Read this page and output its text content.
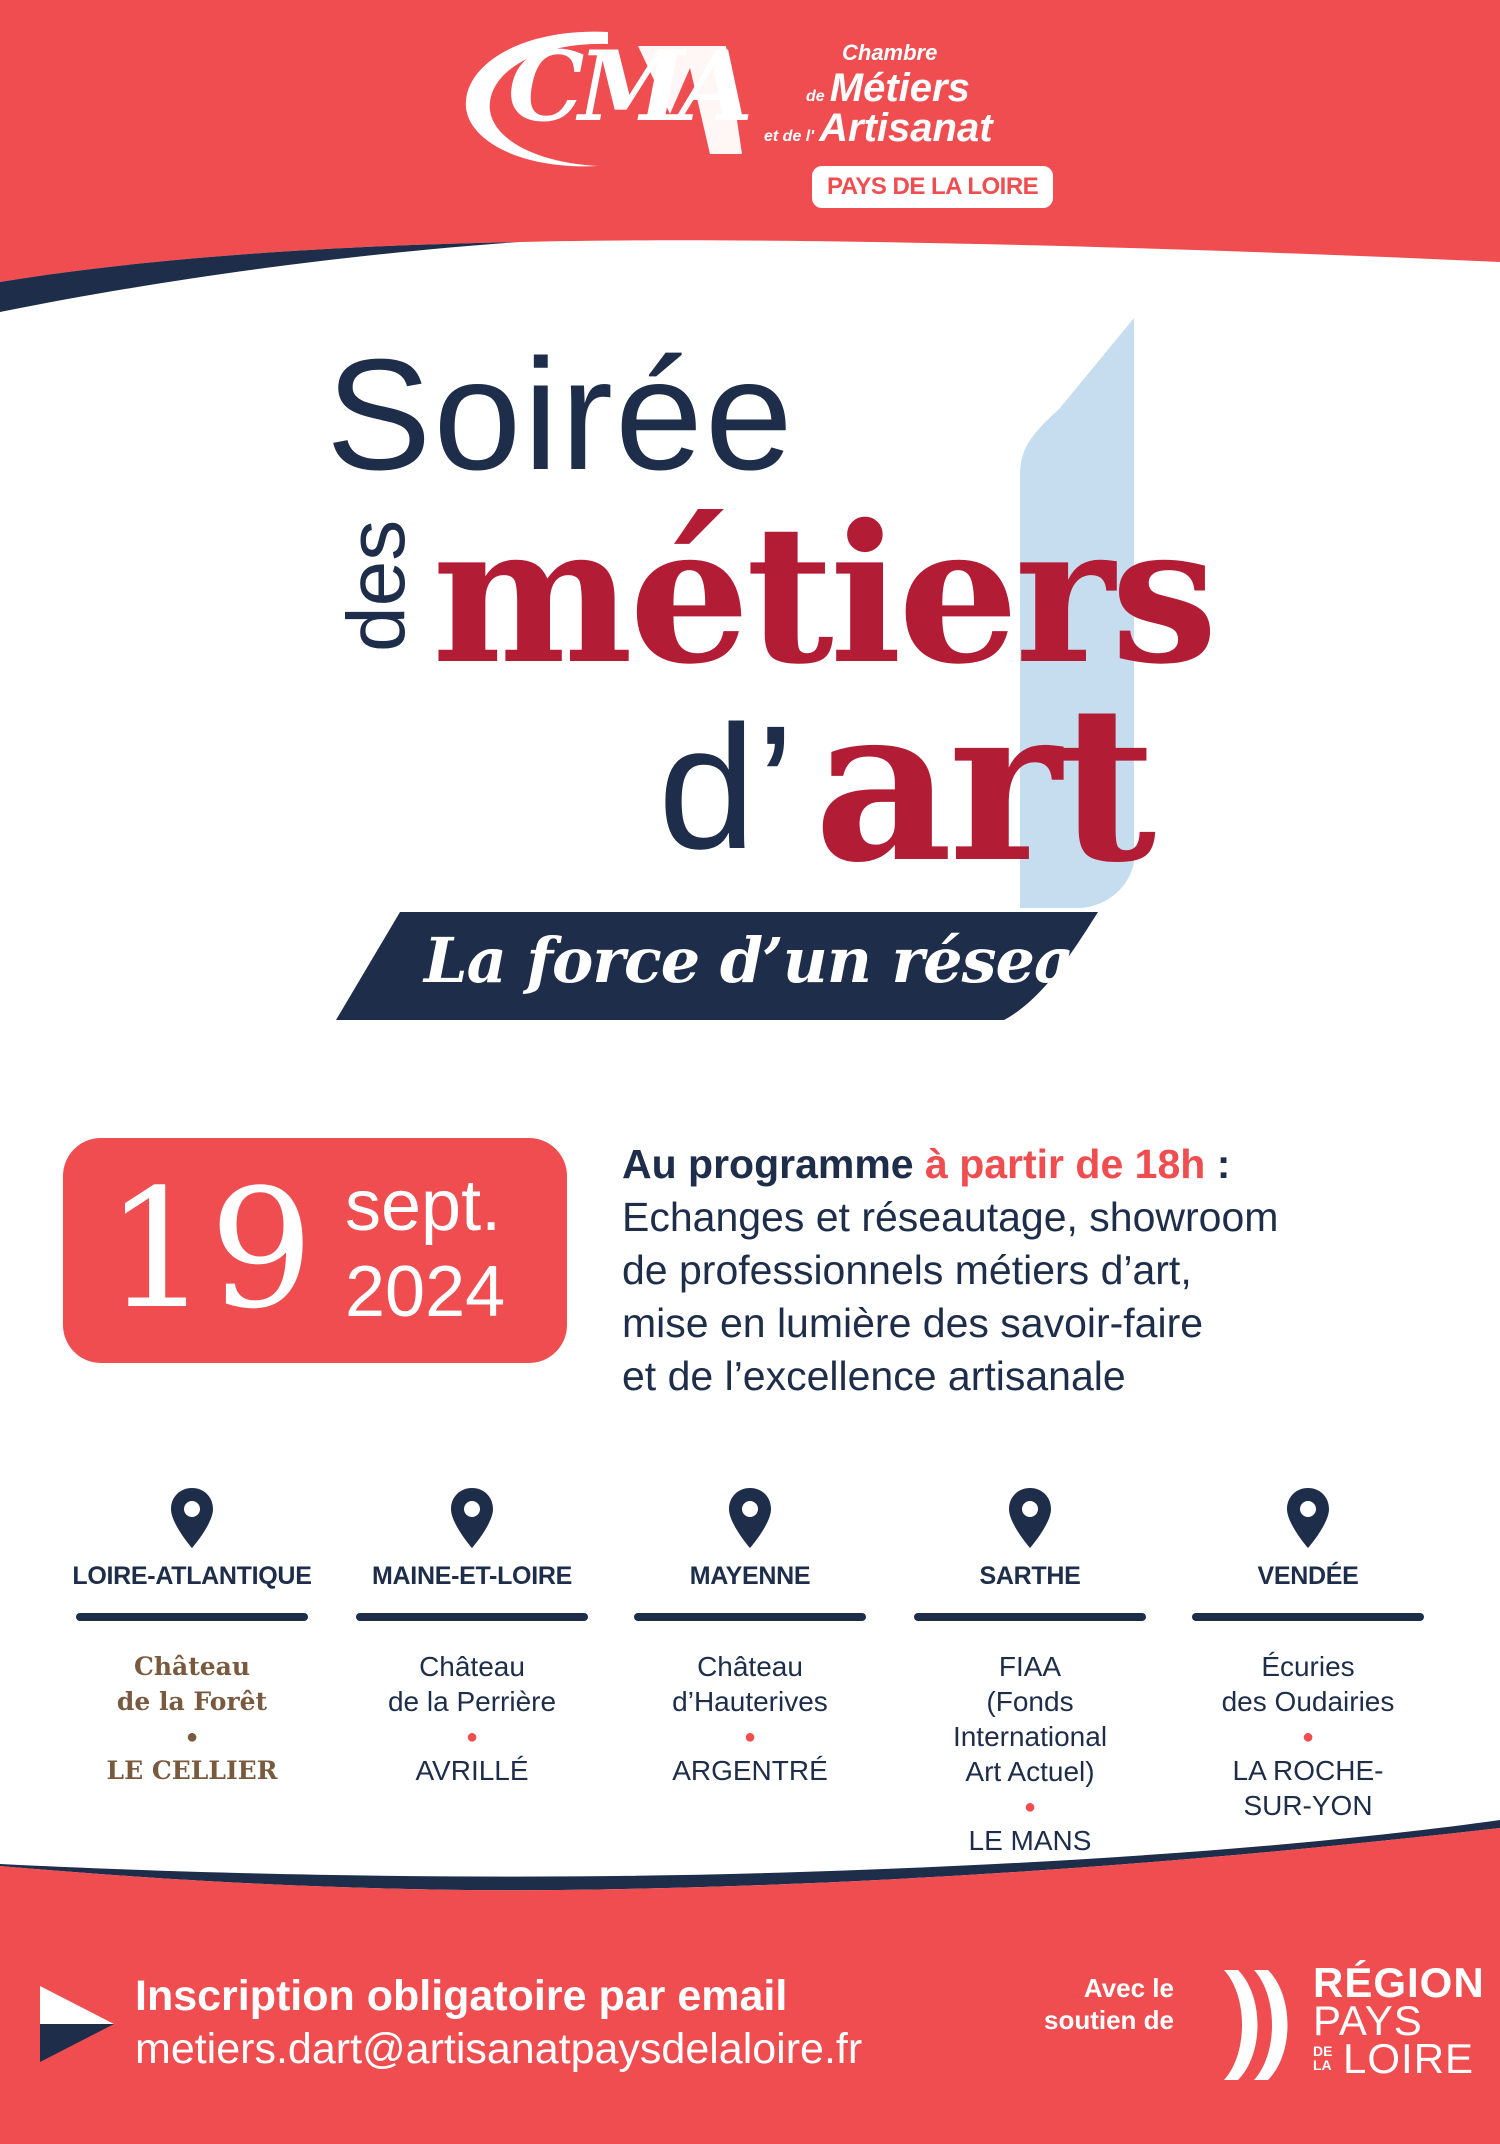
CMA	Chambre
de Métiers
et de l' Artisanat
PAYS DE LA LOIRE
Soirée
des métiers
d’ art
La force d’un réseau
19 sept.
2024
Au programme à partir de 18h :
Echanges et réseautage, showroom
de professionnels métiers d’art,
mise en lumière des savoir-faire
et de l’excellence artisanale
LOIRE-ATLANTIQUE
Château
de la Forêt
●
LE CELLIER
MAINE-ET-LOIRE
Château
de la Perrière
●
AVRILLÉ
MAYENNE
Château
d’Hauterives
●
ARGENTRÉ
SARTHE
FIAA
(Fonds
International
Art Actuel)
●
LE MANS
VENDÉE
Écuries
des Oudairies
●
LA ROCHE-
SUR-YON
Inscription obligatoire par email
metiers.dart@artisanatpaysdelaloire.fr
Avec le soutien de
RÉGION
PAYS
DE LA LOIRE
